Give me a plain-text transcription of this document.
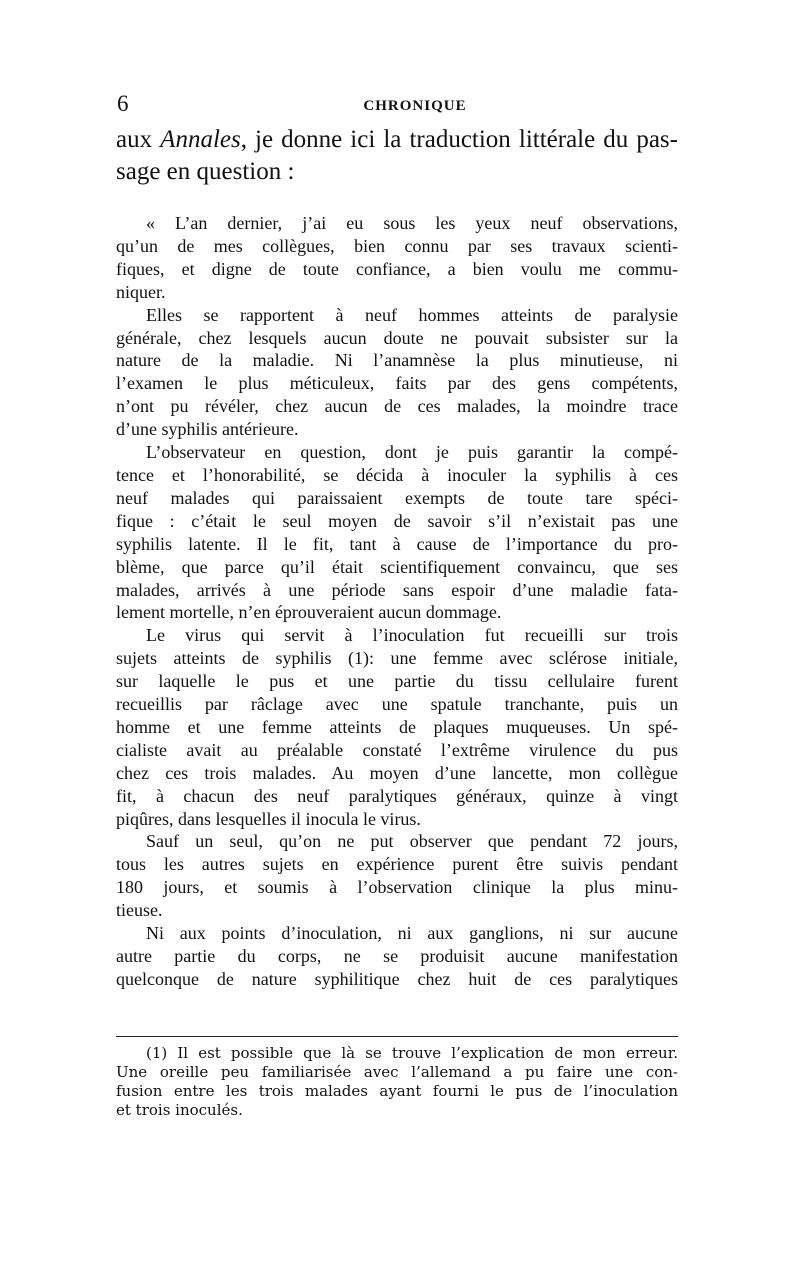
6	CHRONIQUE
aux Annales, je donne ici la traduction littérale du pas-
sage en question :
« L’an dernier, j’ai eu sous les yeux neuf observations,
qu’un de mes collègues, bien connu par ses travaux scienti-
fiques, et digne de toute confiance, a bien voulu me commu-
niquer.
Elles se rapportent à neuf hommes atteints de paralysie
générale, chez lesquels aucun doute ne pouvait subsister sur la
nature de la maladie. Ni l’anamnèse la plus minutieuse, ni
l’examen le plus méticuleux, faits par des gens compétents,
n’ont pu révéler, chez aucun de ces malades, la moindre trace
d’une syphilis antérieure.
L’observateur en question, dont je puis garantir la compé-
tence et l’honorabilité, se décida à inoculer la syphilis à ces
neuf malades qui paraissaient exempts de toute tare spéci-
fique : c’était le seul moyen de savoir s’il n’existait pas une
syphilis latente. Il le fit, tant à cause de l’importance du pro-
blème, que parce qu’il était scientifiquement convaincu, que ses
malades, arrivés à une période sans espoir d’une maladie fata-
lement mortelle, n’en éprouveraient aucun dommage.
Le virus qui servit à l’inoculation fut recueilli sur trois
sujets atteints de syphilis (1): une femme avec sclérose initiale,
sur laquelle le pus et une partie du tissu cellulaire furent
recueillis par râclage avec une spatule tranchante, puis un
homme et une femme atteints de plaques muqueuses. Un spé-
cialiste avait au préalable constaté l’extrême virulence du pus
chez ces trois malades. Au moyen d’une lancette, mon collègue
fit, à chacun des neuf paralytiques généraux, quinze à vingt
piqûres, dans lesquelles il inocula le virus.
Sauf un seul, qu’on ne put observer que pendant 72 jours,
tous les autres sujets en expérience purent être suivis pendant
180 jours, et soumis à l’observation clinique la plus minu-
tieuse.
Ni aux points d’inoculation, ni aux ganglions, ni sur aucune
autre partie du corps, ne se produisit aucune manifestation
quelconque de nature syphilitique chez huit de ces paralytiques
(1) Il est possible que là se trouve l’explication de mon erreur.
Une oreille peu familiarisée avec l’allemand a pu faire une con-
fusion entre les trois malades ayant fourni le pus de l’inoculation
et trois inoculés.
